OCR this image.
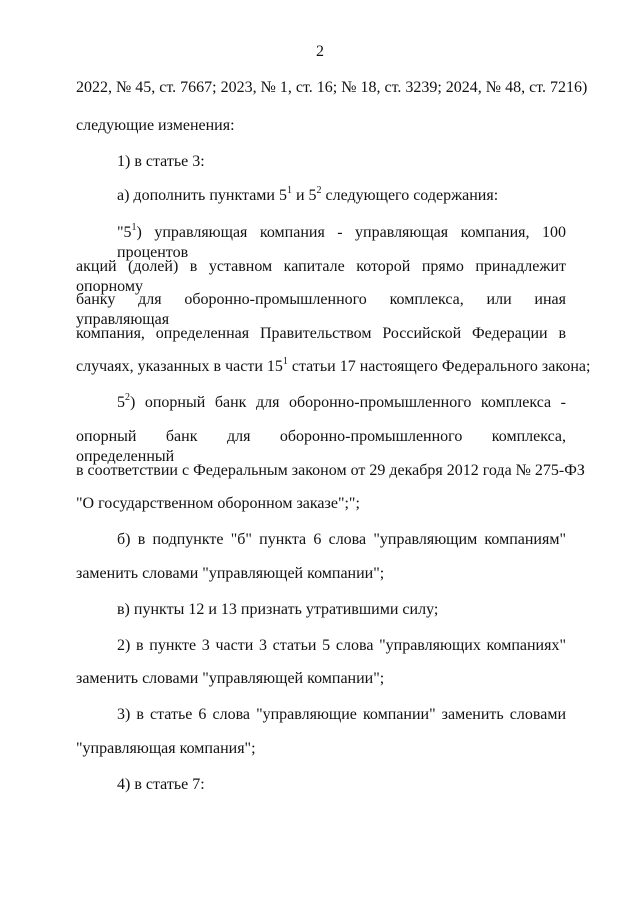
2
2022, № 45, ст. 7667; 2023, № 1, ст. 16; № 18, ст. 3239; 2024, № 48, ст. 7216)
следующие изменения:
1) в статье 3:
а) дополнить пунктами $5^1$ и $5^2$ следующего содержания:
"$5^1$) управляющая компания - управляющая компания, 100 процентов
акций (долей) в уставном капитале которой прямо принадлежит опорному
банку для оборонно-промышленного комплекса, или иная управляющая
компания, определенная Правительством Российской Федерации в
случаях, указанных в части $15^1$ статьи 17 настоящего Федерального закона;
$5^2$) опорный банк для оборонно-промышленного комплекса -
опорный банк для оборонно-промышленного комплекса, определенный
в соответствии с Федеральным законом от 29 декабря 2012 года № 275-ФЗ
"О государственном оборонном заказе";";
б) в подпункте "б" пункта 6 слова "управляющим компаниям"
заменить словами "управляющей компании";
в) пункты 12 и 13 признать утратившими силу;
2) в пункте 3 части 3 статьи 5 слова "управляющих компаниях"
заменить словами "управляющей компании";
3) в статье 6 слова "управляющие компании" заменить словами
"управляющая компания";
4) в статье 7:
